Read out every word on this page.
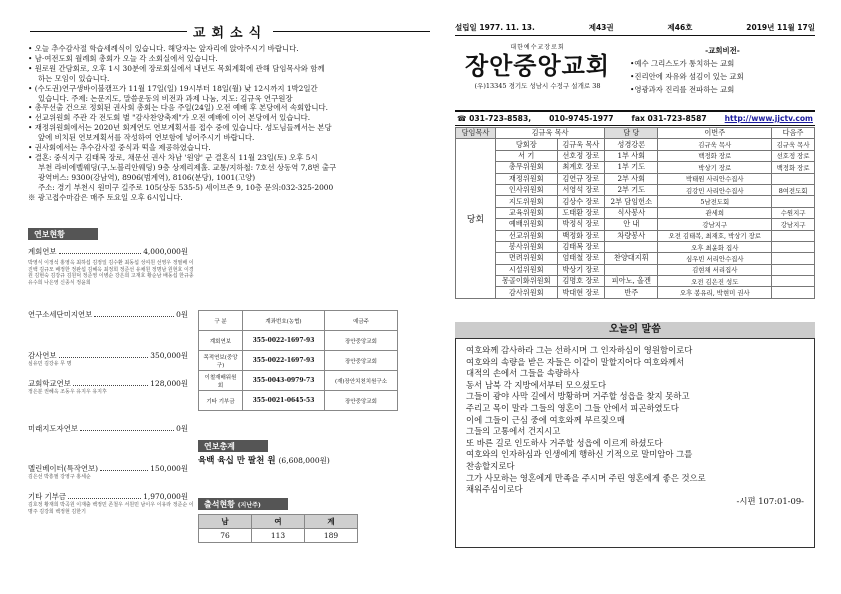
교회소식
• 오늘 추수감사절 학습세례식이 있습니다. 해당자는 앞자리에 앉아주시기 바랍니다.
• 남·여전도회 월례회 총회가 오늘 각 소회실에서 있습니다.
• 원로원 간담회로, 오후 1시 30분에 장로회실에서 내년도 목회계획에 관해 담임목사와 함께
하는 모임이 있습니다.
• (수도권)연구생바이블캠프가 11월 17일(일) 19시부터 18일(월) 낮 12시까지 1박2일간
있습니다. 주제: 논문지도, 말씀운동의 비전과 과제 나눔, 지도: 김규욱 연구원장
• 총무선출 건으로 정회된 권사회 총회는 다음 주일(24일) 오전 예배 후 본당에서 속회합니다.
• 선교위원회 주관 각 전도회 별 "감사찬양축제"가 오전 예배에 이어 본당에서 있습니다.
• 재정위원회에서는 2020년 회계연도 연보계획서를 접수 중에 있습니다. 성도님들께서는 본당
앞에 비치된 연보계획서를 작성하여 연보함에 넣어주시기 바랍니다.
• 권사회에서는 추수감사절 중식과 떡을 제공하였습니다.
• 결혼: 중식지구 김태복 장로, 채문선 권사 차남 '원양' 군 결혼식 11월 23일(토) 오후 5시
부천 라비에벨웨딩(구,노블리안웨딩) 9층 상제리제홀. 교통/지하철: 7호선 상동역 7,8번 출구
광역버스: 9300(강남역), 8906(범계역), 8106(분당), 1001(고양)
주소: 경기 부천시 원미구 길주로 105(상동 535-5) 세이브존 9, 10층 문의:032-325-2000
※ 광고접수마감은 매주 토요일 오후 6시입니다.
연보현황
계회연보	4,000,000원
박영식 이정석 홍영옥 최하섭 김정일 김수환 최동섭 성여원 선영우 정필배 이진백 김규모 배정한 정완섭 김혜옥 최정희 정준선 유채원 정명남 원현호 이경원 김현숙 김강규 김원덕 정준영 이병순 강은희 고재호 황순남 배동섭 한규종 유수희 나은영 신종식 정윤희
연구소세단미지연보	0원
감사연보	350,000원
심유민 김강유 무 명
교회학교연보	128,000원
정은분 권혜옥 조동우 유지우 유지후
미래지도자연보	0원
멜린베이터(특작연보)	150,000원
김은선 박흥필 강영구 홍세순
기타 기부금	1,970,000원
김호정 황재희 박곡원 이재출 백정민 존철우 서원민 남이우 이유라 정준순 이명주 김강희 백정현 김한기
구 분	계좌번호(농협)	예금주
계회연보	355-0022-1697-93	장안중앙교회
목적연보(중앙구)	355-0022-1697-93	장안중앙교회
이철재배워원회	355-0043-0979-73	(재)장안치천치원구소
기타 기부금	355-0021-0645-53	장안중앙교회
연보총계
육백 육십 만 팔천 원 (6,608,000원)
출석현황 (지난주)
남	여	계
76	113	189
설립일 1977. 11. 13.	제43권	제46호	2019년 11월 17일
대한예수교장로회
장안중앙교회
(우)13345 경기도 성남시 수정구 설개로 38
-교회비전-
•예수 그리스도가 통치하는 교회
•진리안에 자유와 섬김이 있는 교회
•영광과자 진리를 전파하는 교회
☎ 031-723-8583, 010-9745-1977 fax 031-723-8587 http://www.jjctv.com
담임목사	김규욱 목사		담 당	이번주	다음주
당회	당회장	김규욱 목사	성경강론	김규욱 목사	김규욱 목사
	서 기	선호정 장로	1부 사회	백정화 장로	선호정 장로
	총무위원회	최계호 장로	1부 기도	박상기 장로	백정화 장로
	재정위원회	김연규 장로	2부 사회	박태원 사리안수집사	
	인사위원회	서영석 장로	2부 기도	김강민 사리안수집사	8여전도회
	지도위원회	김상수 장로	2부 담임헌소	5남전도회	
	교육위원회	도태환 장로	식사봉사	관세희	수원지구
	예배위원회	박정식 장로	안 내	강남지구	강남지구
	선교위원회	백정화 장로	차량봉사	오전 김태복, 최재호, 박상기 장로	
	봉사위원회	김태복 장로		오후 최윤화 집사	
	면려위원회	엄태철 장로	찬양대지휘	심우빈 서리안수집사	
	시설위원회	박상기 장로		김현채 서리집사	
	몽골이화위원회	김명호 장로	피아노, 올겐	오전 김은진 성도	
	감사위원회	박대현 장로	반주	오후 봉유리, 박현미 권사	
오늘의 말씀
여호와께 감사하라 그는 선하시며 그 인자하심이 영원함이로다
여호와의 속량을 받은 자들은 이같이 말할지어다 여호와께서
대적의 손에서 그들을 속량하사
동서 남북 각 지방에서부터 모으셨도다
그들이 광야 사막 길에서 방황하며 거주할 성읍을 찾지 못하고
주리고 목이 말라 그들의 영혼이 그들 안에서 피곤하였도다
이에 그들이 근심 중에 여호와께 부르짖으매
그들의 고통에서 건지시고
또 바른 길로 인도하사 거주할 성읍에 이르게 하셨도다
여호와의 인자하심과 인생에게 행하신 기적으로 말미암아 그를
찬송할지로다
그가 사모하는 영혼에게 만족을 주시며 주린 영혼에게 좋은 것으로
채워주심이로다
-시편 107:01-09-
